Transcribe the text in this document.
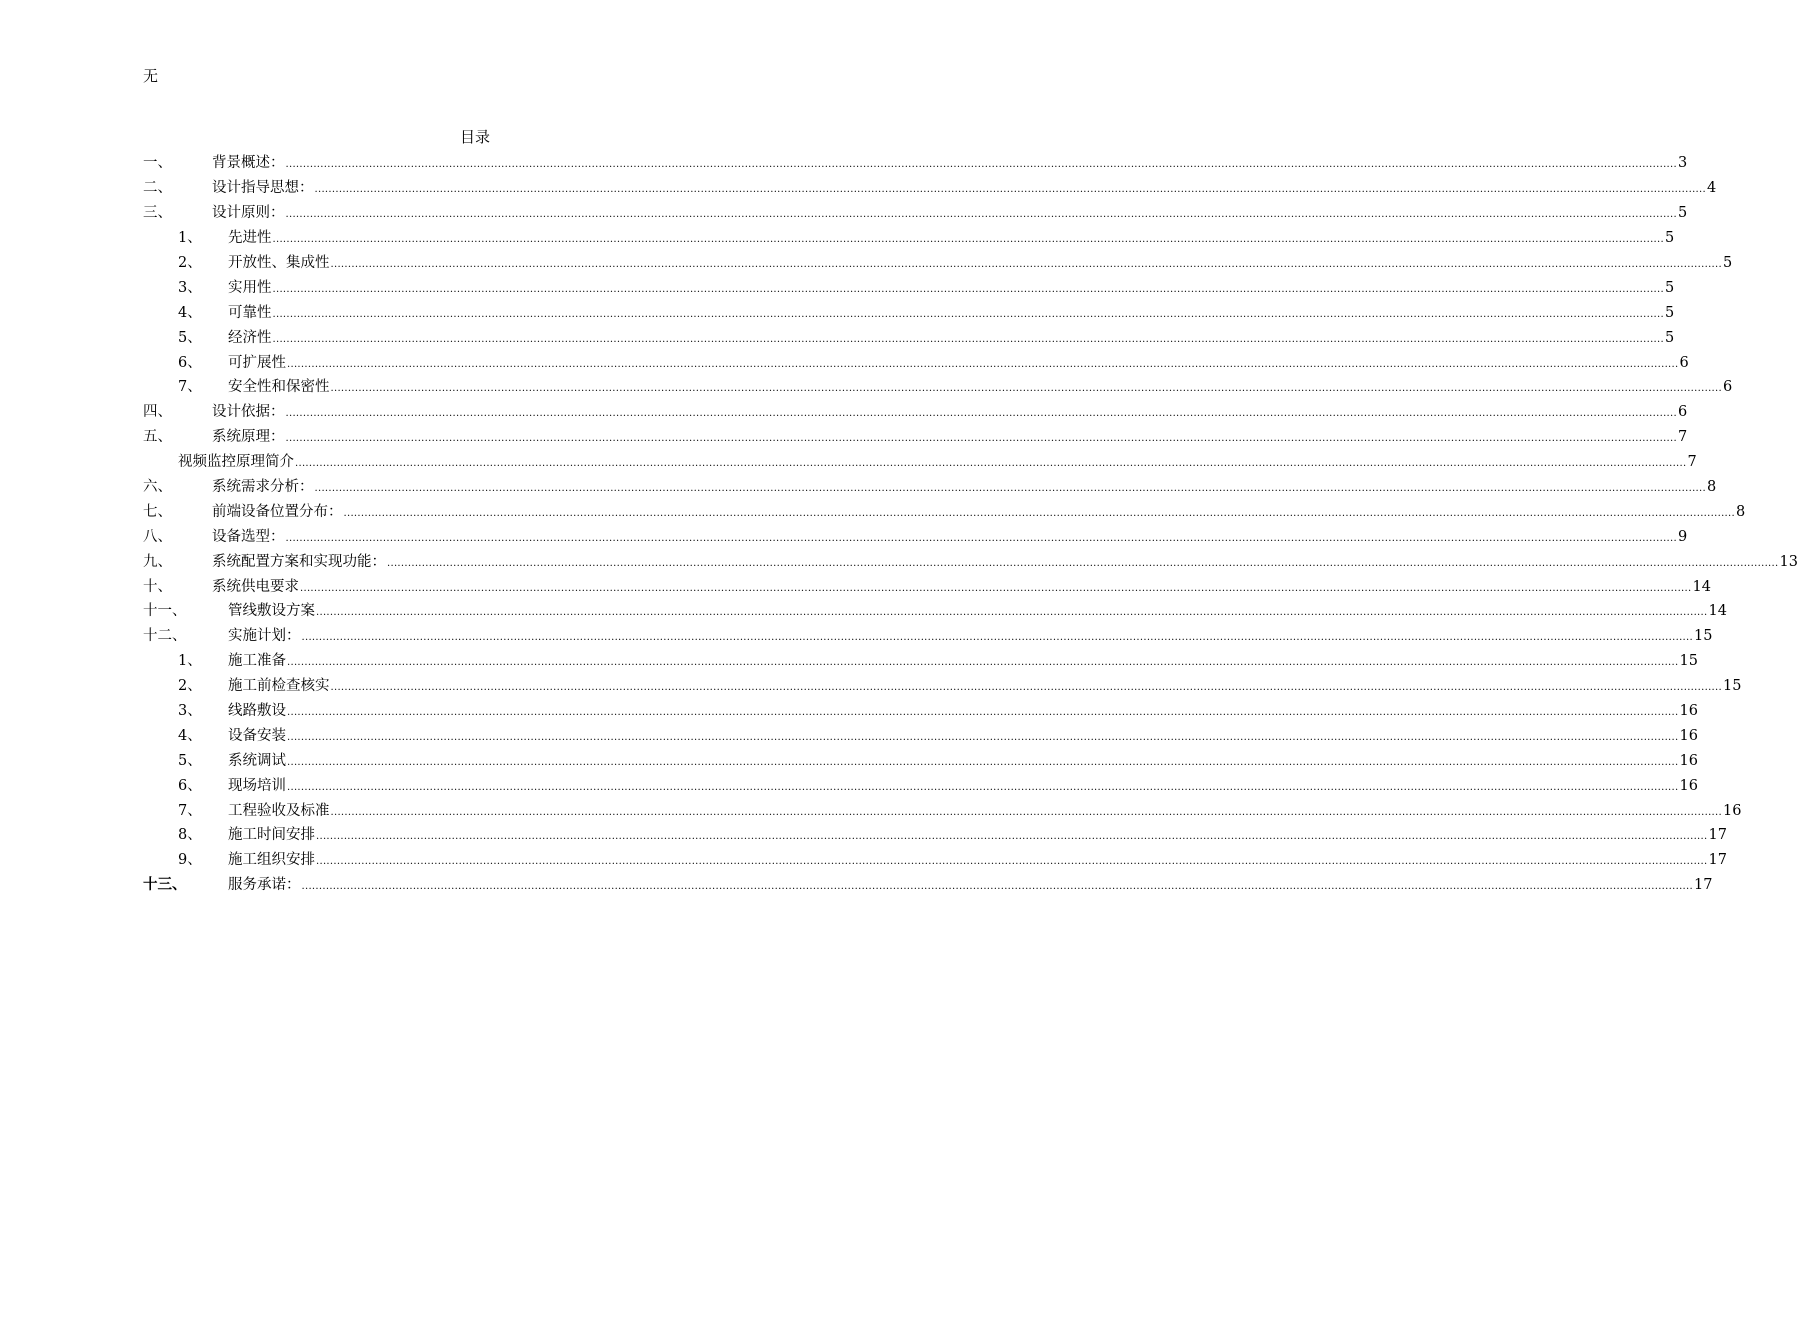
无
目录
一、	背景概述： ................................................................................................................................................................................................................................................................................................................................................................................................................ 3
二、	设计指导思想： ................................................................................................................................................................................................................................................................................................................................................................................................................ 4
三、	设计原则： ................................................................................................................................................................................................................................................................................................................................................................................................................ 5
1、	先进性 ................................................................................................................................................................................................................................................................................................................................................................................................................ 5
2、	开放性、集成性 ................................................................................................................................................................................................................................................................................................................................................................................................................ 5
3、	实用性 ................................................................................................................................................................................................................................................................................................................................................................................................................ 5
4、	可靠性 ................................................................................................................................................................................................................................................................................................................................................................................................................ 5
5、	经济性 ................................................................................................................................................................................................................................................................................................................................................................................................................ 5
6、	可扩展性 ................................................................................................................................................................................................................................................................................................................................................................................................................ 6
7、	安全性和保密性 ................................................................................................................................................................................................................................................................................................................................................................................................................ 6
四、	设计依据： ................................................................................................................................................................................................................................................................................................................................................................................................................ 6
五、	系统原理： ................................................................................................................................................................................................................................................................................................................................................................................................................ 7
视频监控原理简介 ................................................................................................................................................................................................................................................................................................................................................................................................................ 7
六、	系统需求分析： ................................................................................................................................................................................................................................................................................................................................................................................................................ 8
七、	前端设备位置分布： ................................................................................................................................................................................................................................................................................................................................................................................................................ 8
八、	设备选型： ................................................................................................................................................................................................................................................................................................................................................................................................................ 9
九、	系统配置方案和实现功能： ................................................................................................................................................................................................................................................................................................................................................................................................................ 13
十、	系统供电要求 ................................................................................................................................................................................................................................................................................................................................................................................................................ 14
十一、	管线敷设方案 ................................................................................................................................................................................................................................................................................................................................................................................................................ 14
十二、	实施计划： ................................................................................................................................................................................................................................................................................................................................................................................................................ 15
1、	施工准备 ................................................................................................................................................................................................................................................................................................................................................................................................................ 15
2、	施工前检查核实 ................................................................................................................................................................................................................................................................................................................................................................................................................ 15
3、	线路敷设 ................................................................................................................................................................................................................................................................................................................................................................................................................ 16
4、	设备安装 ................................................................................................................................................................................................................................................................................................................................................................................................................ 16
5、	系统调试 ................................................................................................................................................................................................................................................................................................................................................................................................................ 16
6、	现场培训 ................................................................................................................................................................................................................................................................................................................................................................................................................ 16
7、	工程验收及标准 ................................................................................................................................................................................................................................................................................................................................................................................................................ 16
8、	施工时间安排 ................................................................................................................................................................................................................................................................................................................................................................................................................ 17
9、	施工组织安排 ................................................................................................................................................................................................................................................................................................................................................................................................................ 17
十三、	服务承诺： ................................................................................................................................................................................................................................................................................................................................................................................................................ 17
